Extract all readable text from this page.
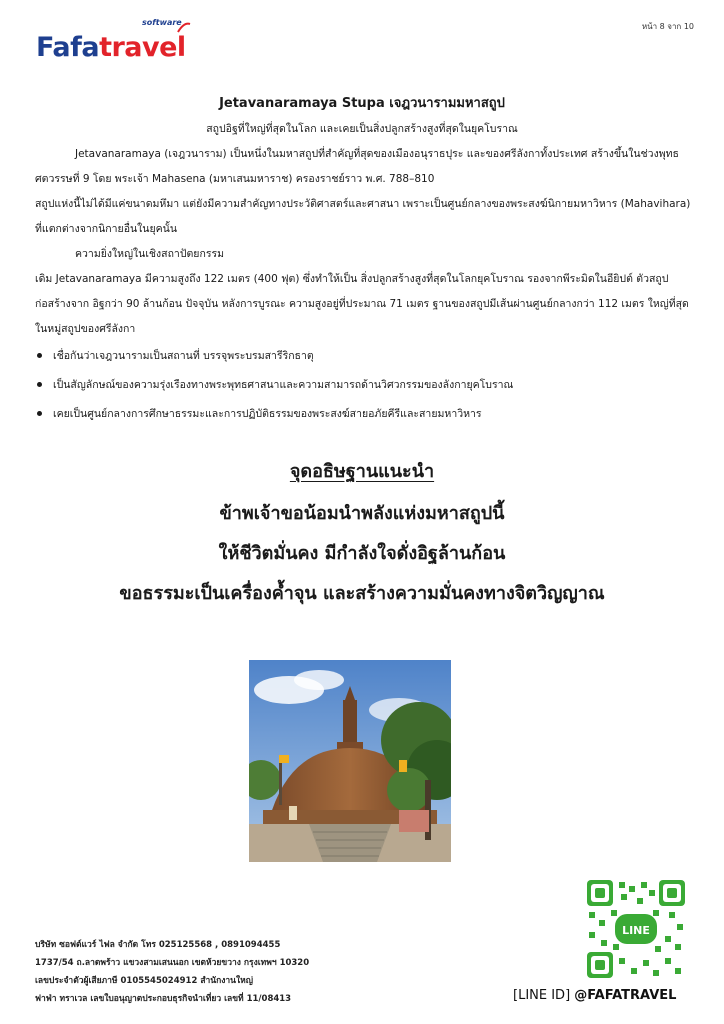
หน้า 8 จาก 10
software
Fafatravel
Jetavanaramaya Stupa เจฎวนารามมหาสถูป
สถูปอิฐที่ใหญ่ที่สุดในโลก และเคยเป็นสิ่งปลูกสร้างสูงที่สุดในยุคโบราณ

Jetavanaramaya (เจฎวนาราม) เป็นหนึ่งในมหาสถูปที่สำคัญที่สุดของเมืองอนุราธปุระ และของศรีลังกาทั้งประเทศ สร้างขึ้นในช่วงพุทธศตวรรษที่ 9 โดย พระเจ้า Mahasena (มหาเสนมหาราช) ครองราชย์ราว พ.ศ. 788–810

สถูปแห่งนี้ไม่ได้มีแค่ขนาดมหึมา แต่ยังมีความสำคัญทางประวัติศาสตร์และศาสนา เพราะเป็นศูนย์กลางของพระสงฆ์นิกายมหาวิหาร (Mahavihara) ที่แตกต่างจากนิกายอื่นในยุคนั้น

ความยิ่งใหญ่ในเชิงสถาปัตยกรรม

เดิม Jetavanaramaya มีความสูงถึง 122 เมตร (400 ฟุต) ซึ่งทำให้เป็น สิ่งปลูกสร้างสูงที่สุดในโลกยุคโบราณ รองจากพีระมิดในอียิปต์ ตัวสถูปก่อสร้างจาก อิฐกว่า 90 ล้านก้อน ปัจจุบัน หลังการบูรณะ ความสูงอยู่ที่ประมาณ 71 เมตร ฐานของสถูปมีเส้นผ่านศูนย์กลางกว่า 112 เมตร ใหญ่ที่สุดในหมู่สถูปของศรีลังกา

เชื่อกันว่าเจฎวนารามเป็นสถานที่ บรรจุพระบรมสารีริกธาตุ
เป็นสัญลักษณ์ของความรุ่งเรืองทางพระพุทธศาสนาและความสามารถด้านวิศวกรรมของลังกายุคโบราณ
เคยเป็นศูนย์กลางการศึกษาธรรมะและการปฏิบัติธรรมของพระสงฆ์สายอภัยคีรีและสายมหาวิหาร
จุดอธิษฐานแนะนำ
ข้าพเจ้าขอน้อมนำพลังแห่งมหาสถูปนี้
ให้ชีวิตมั่นคง มีกำลังใจดั่งอิฐล้านก้อน
ขอธรรมะเป็นเครื่องค้ำจุน และสร้างความมั่นคงทางจิตวิญญาณ
บริษัท ซอฟต์แวร์ ไฟล จำกัด โทร 025125568 , 0891094455
1737/54 ถ.ลาดพร้าว แขวงสามเสนนอก เขตห้วยขวาง กรุงเทพฯ 10320
เลขประจำตัวผู้เสียภาษี 0105545024912 สำนักงานใหญ่
ฟาฟ่า ทราเวล เลขใบอนุญาตประกอบธุรกิจนำเที่ยว เลขที่ 11/08413
LINE
[LINE ID] @FAFATRAVEL
